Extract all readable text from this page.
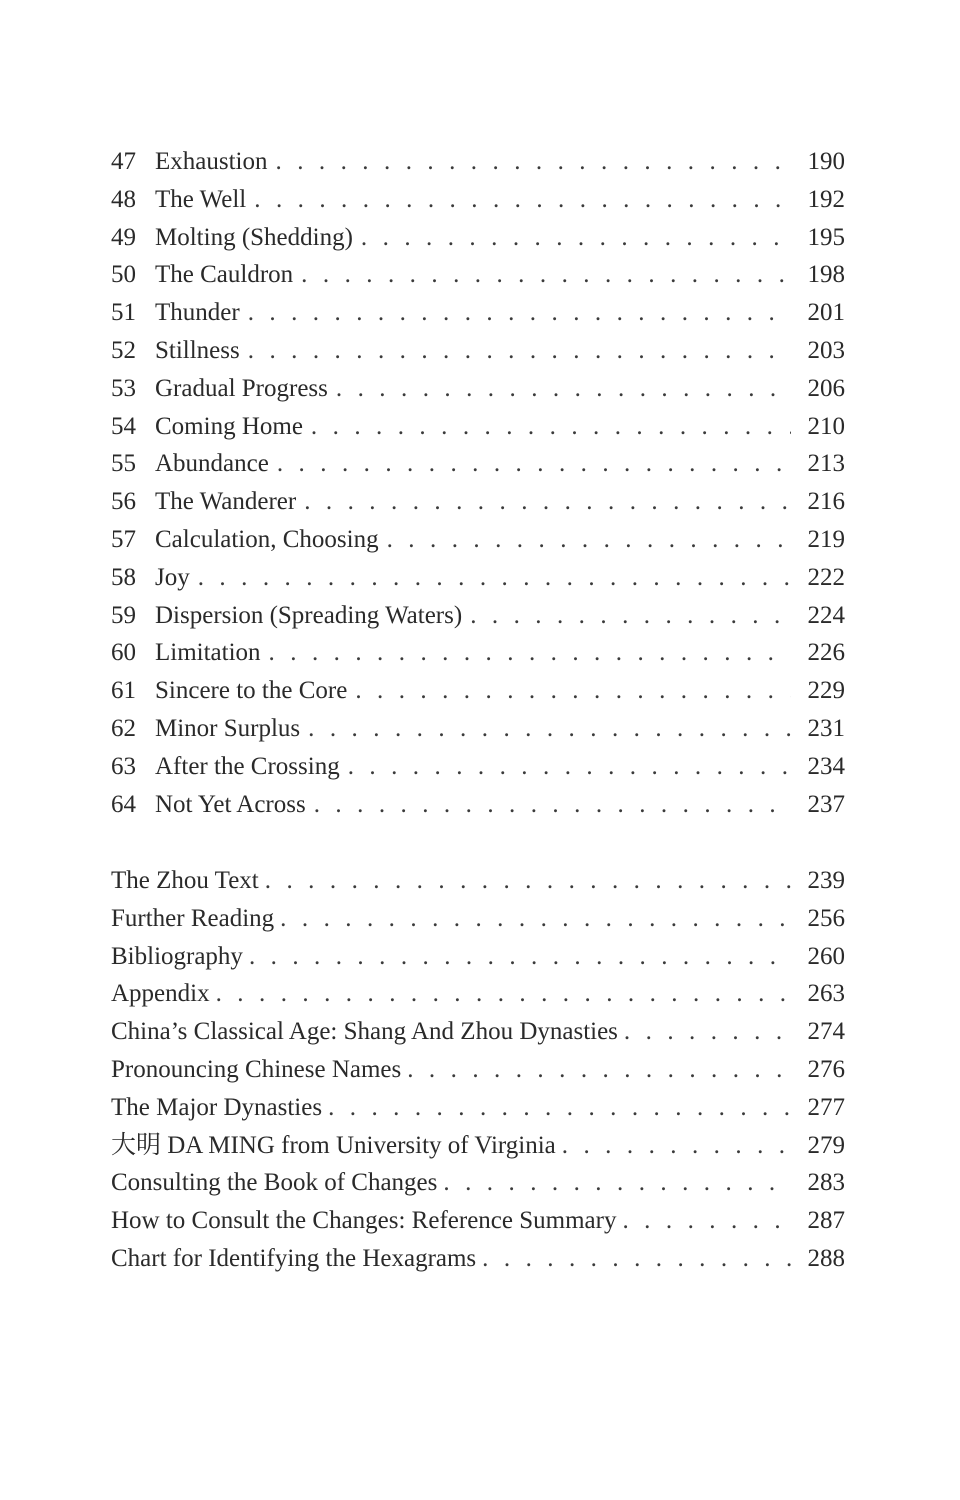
47 Exhaustion . . .	190
48 The Well . . .	192
49 Molting (Shedding) . . .	195
50 The Cauldron . . .	198
51 Thunder . . .	201
52 Stillness . . .	203
53 Gradual Progress . . .	206
54 Coming Home . . .	210
55 Abundance . . .	213
56 The Wanderer . . .	216
57 Calculation, Choosing . . .	219
58 Joy . . .	222
59 Dispersion (Spreading Waters) . . .	224
60 Limitation . . .	226
61 Sincere to the Core . . .	229
62 Minor Surplus . . .	231
63 After the Crossing . . .	234
64 Not Yet Across . . .	237
The Zhou Text . . .	239
Further Reading . . .	256
Bibliography . . .	260
Appendix . . .	263
China’s Classical Age: Shang And Zhou Dynasties . . .	274
Pronouncing Chinese Names . . .	276
The Major Dynasties . . .	277
大明 DA MING from University of Virginia . . .	279
Consulting the Book of Changes . . .	283
How to Consult the Changes: Reference Summary . . .	287
Chart for Identifying the Hexagrams . . .	288
